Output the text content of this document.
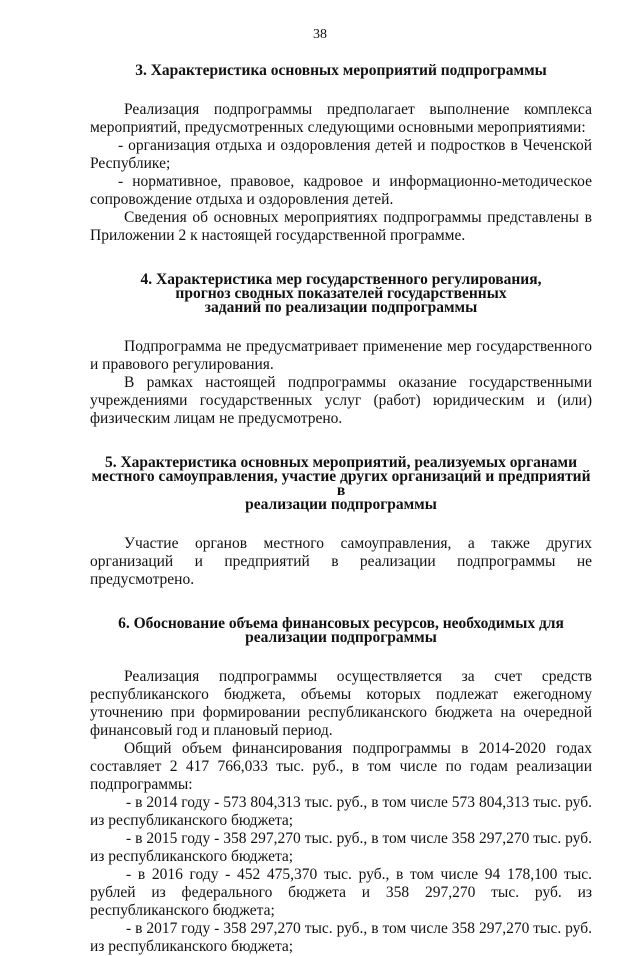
38
3. Характеристика основных мероприятий подпрограммы

Реализация подпрограммы предполагает выполнение комплекса мероприятий, предусмотренных следующими основными мероприятиями:

- организация отдыха и оздоровления детей и подростков в Чеченской Республике;

- нормативное, правовое, кадровое и информационно-методическое сопровождение отдыха и оздоровления детей.

Сведения об основных мероприятиях подпрограммы представлены в Приложении 2 к настоящей государственной программе.

4. Характеристика мер государственного регулирования,
прогноз сводных показателей государственных
заданий по реализации подпрограммы

Подпрограмма не предусматривает применение мер государственного и правового регулирования.

В рамках настоящей подпрограммы оказание государственными учреждениями государственных услуг (работ) юридическим и (или) физическим лицам не предусмотрено.

5. Характеристика основных мероприятий, реализуемых органами
местного самоуправления, участие других организаций и предприятий в
реализации подпрограммы

Участие органов местного самоуправления, а также других организаций и предприятий в реализации подпрограммы не предусмотрено.

6. Обоснование объема финансовых ресурсов, необходимых для
реализации подпрограммы

Реализация подпрограммы осуществляется за счет средств республиканского бюджета, объемы которых подлежат ежегодному уточнению при формировании республиканского бюджета на очередной финансовый год и плановый период.

Общий объем финансирования подпрограммы в 2014-2020 годах составляет 2 417 766,033 тыс. руб., в том числе по годам реализации подпрограммы:

- в 2014 году - 573 804,313 тыс. руб., в том числе 573 804,313 тыс. руб. из республиканского бюджета;

- в 2015 году - 358 297,270 тыс. руб., в том числе 358 297,270 тыс. руб. из республиканского бюджета;

- в 2016 году - 452 475,370 тыс. руб., в том числе 94 178,100 тыс. рублей из федерального бюджета и 358 297,270 тыс. руб. из республиканского бюджета;

- в 2017 году - 358 297,270 тыс. руб., в том числе 358 297,270 тыс. руб. из республиканского бюджета;
